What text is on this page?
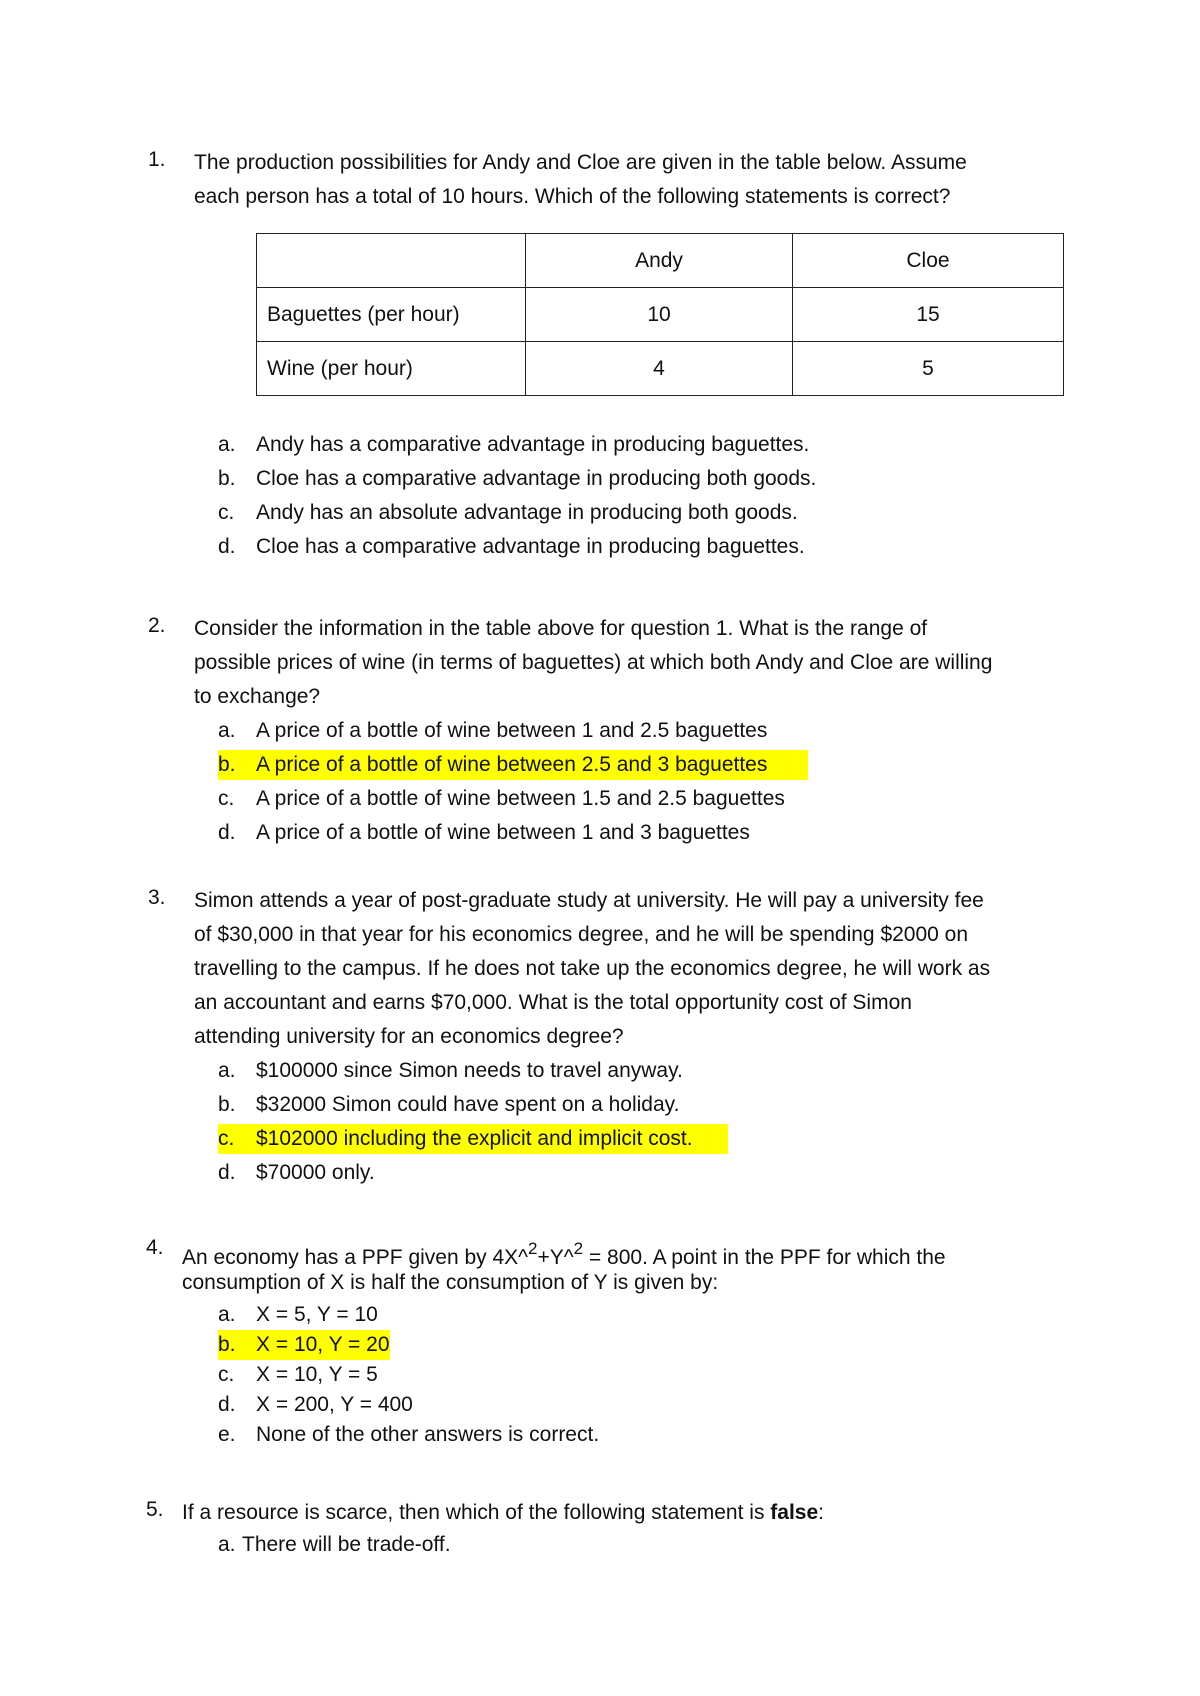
1.	The production possibilities for Andy and Cloe are given in the table below. Assume
each person has a total of 10 hours. Which of the following statements is correct?
	Andy	Cloe
Baguettes (per hour)	10	15
Wine (per hour)	4	5
a. Andy has a comparative advantage in producing baguettes.
b. Cloe has a comparative advantage in producing both goods.
c.	Andy has an absolute advantage in producing both goods.
d. Cloe has a comparative advantage in producing baguettes.
2.	Consider the information in the table above for question 1. What is the range of
possible prices of wine (in terms of baguettes) at which both Andy and Cloe are willing
to exchange?
a. A price of a bottle of wine between 1 and 2.5 baguettes
b. A price of a bottle of wine between 2.5 and 3 baguettes
c.	A price of a bottle of wine between 1.5 and 2.5 baguettes
d. A price of a bottle of wine between 1 and 3 baguettes
3.	Simon attends a year of post-graduate study at university. He will pay a university fee
of $30,000 in that year for his economics degree, and he will be spending $2000 on
travelling to the campus. If he does not take up the economics degree, he will work as
an accountant and earns $70,000. What is the total opportunity cost of Simon
attending university for an economics degree?
a. $100000 since Simon needs to travel anyway.
b. $32000 Simon could have spent on a holiday.
c.	$102000 including the explicit and implicit cost.
d. $70000 only.
4. An economy has a PPF given by 4X^$^2$+Y^$^2$ = 800. A point in the PPF for which the
consumption of X is half the consumption of Y is given by:
a. X = 5, Y = 10
b. X = 10, Y = 20
c.	X = 10, Y = 5
d. X = 200, Y = 400
e. None of the other answers is correct.
5. If a resource is scarce, then which of the following statement is false:
a. There will be trade-off.
